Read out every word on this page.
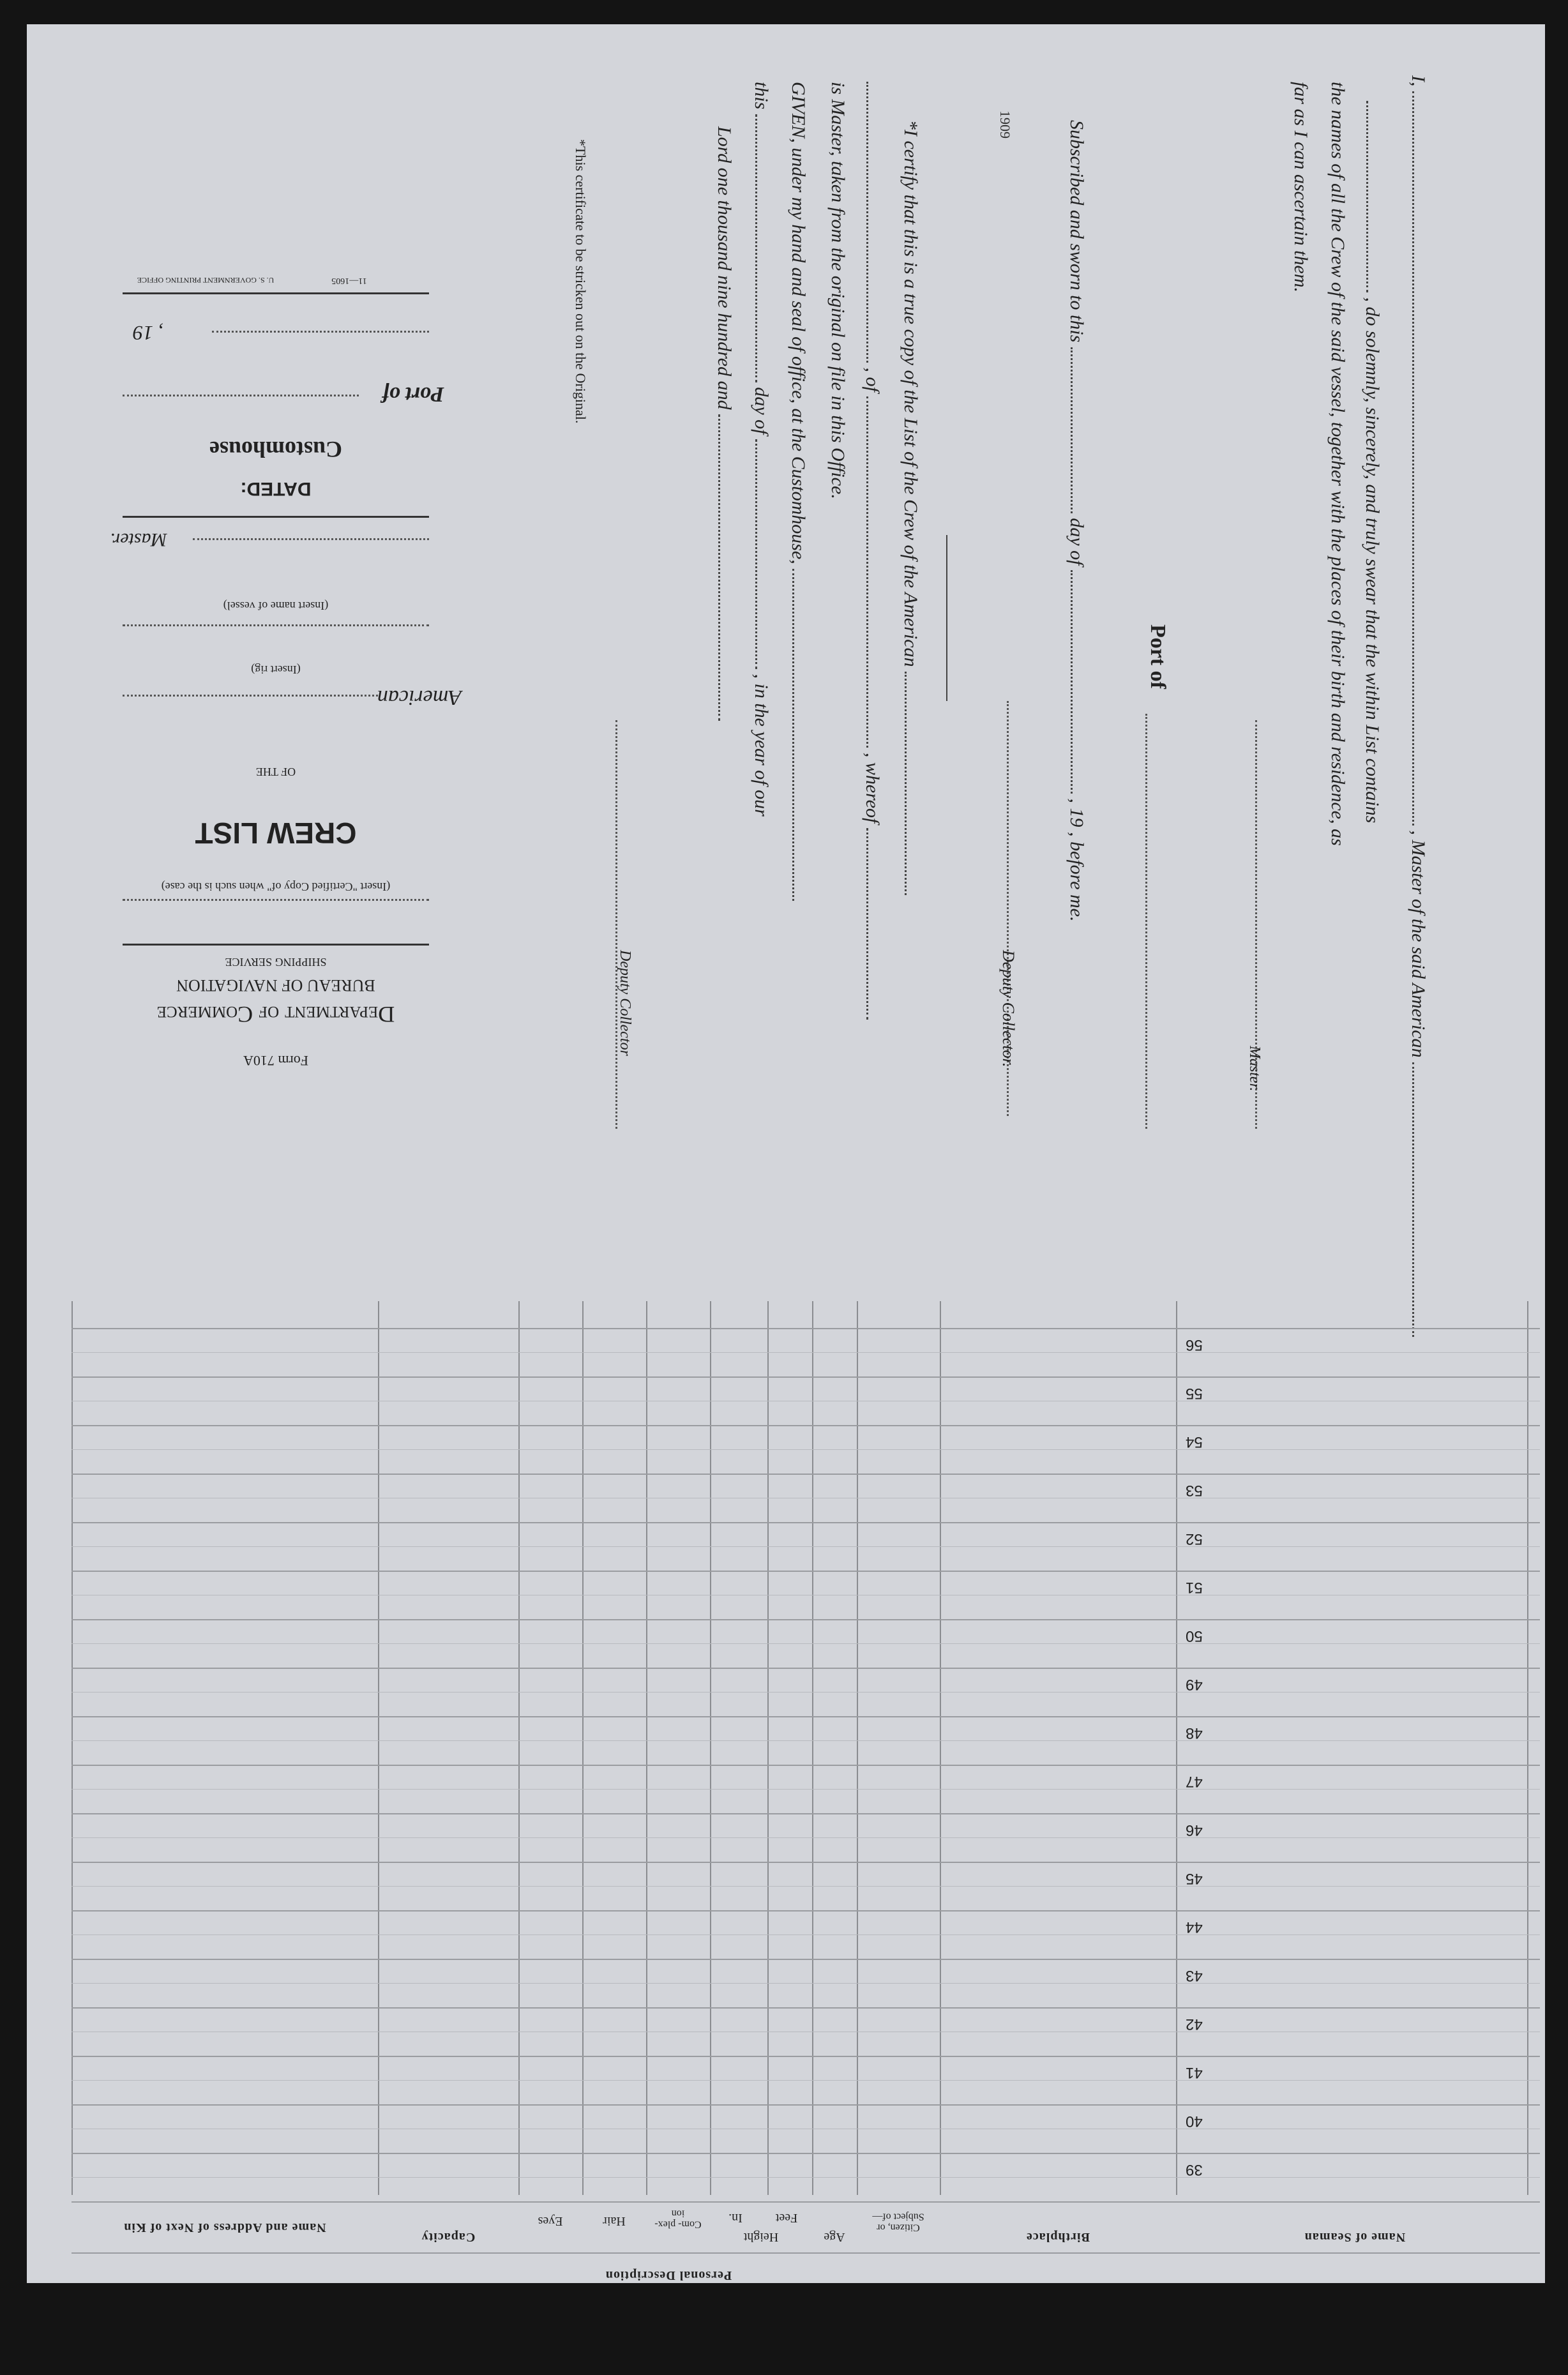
I,  , Master of the said American
, do solemnly, sincerely, and truly swear that the within List contains
the names of all the Crew of the said vessel, together with the places of their birth and residence, as
far as I can ascertain them.
Master.
Port of
Subscribed and sworn to this  day of  , 19 , before me.
Deputy Collector.
1909
*I certify that this is a true copy of the List of the Crew of the American
, of  , whereof
is Master, taken from the original on file in this Office.
GIVEN, under my hand and seal of office, at the Customhouse,
this  day of  , in the year of our
Lord one thousand nine hundred and
Deputy Collector
*This certificate to be stricken out on the Original.
Form 710A
Department of Commerce
BUREAU OF NAVIGATION
SHIPPING SERVICE
(Insert "Certified Copy of" when such is the case)
CREW LIST
OF THE
American
(Insert rig)
(Insert name of vessel)
Master.
DATED:
Customhouse
Port of
, 19
11—1605
U. S. GOVERNMENT PRINTING OFFICE
Name of Seaman
Birthplace
Citizen, or Subject of—
Age
Personal Description
Height
Feet
In.
Com- plex- ion
Hair
Eyes
Capacity
Name and Address of Next of Kin
39
40
41
42
43
44
45
46
47
48
49
50
51
52
53
54
55
56
